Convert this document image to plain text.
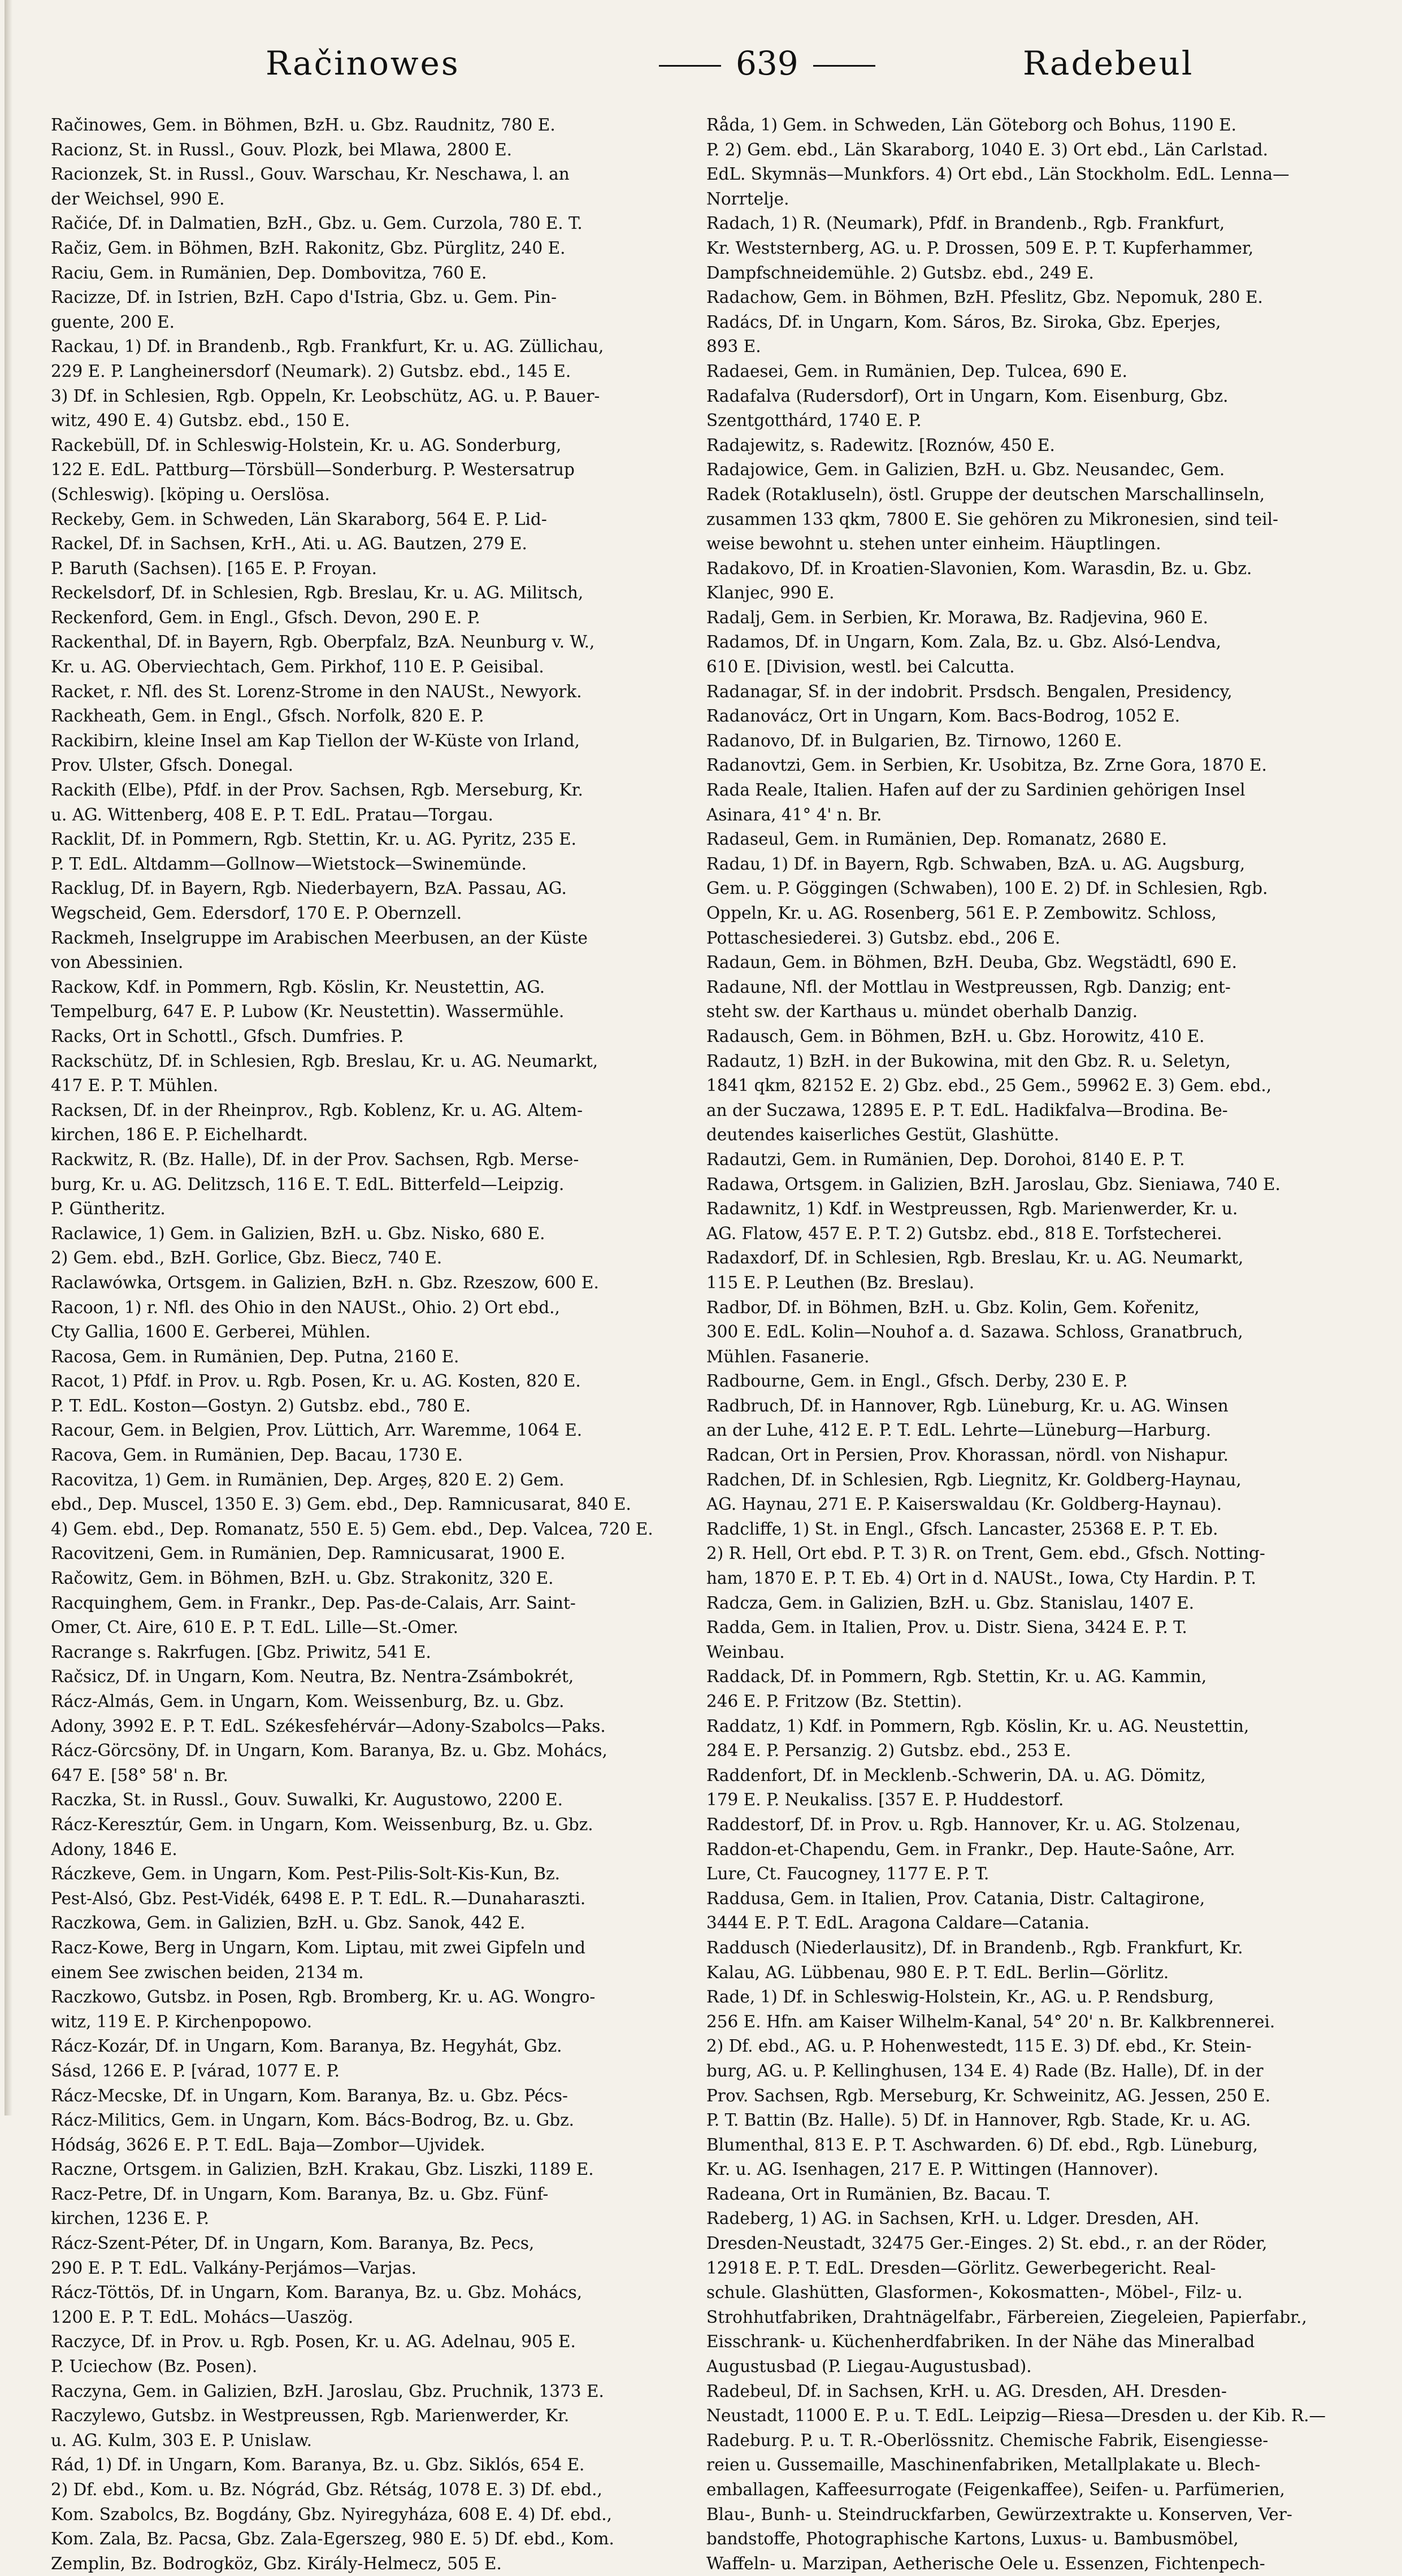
Račinowes	639	Radebeul
Račinowes, Gem. in Böhmen, BzH. u. Gbz. Raudnitz, 780 E.
Racionz, St. in Russl., Gouv. Plozk, bei Mlawa, 2800 E.
Racionzek, St. in Russl., Gouv. Warschau, Kr. Neschawa, l. an
der Weichsel, 990 E.
Račiće, Df. in Dalmatien, BzH., Gbz. u. Gem. Curzola, 780 E. T.
Račiz, Gem. in Böhmen, BzH. Rakonitz, Gbz. Pürglitz, 240 E.
Raciu, Gem. in Rumänien, Dep. Dombovitza, 760 E.
Racizze, Df. in Istrien, BzH. Capo d'Istria, Gbz. u. Gem. Pin-
guente, 200 E.
Rackau, 1) Df. in Brandenb., Rgb. Frankfurt, Kr. u. AG. Züllichau,
229 E. P. Langheinersdorf (Neumark). 2) Gutsbz. ebd., 145 E.
3) Df. in Schlesien, Rgb. Oppeln, Kr. Leobschütz, AG. u. P. Bauer-
witz, 490 E. 4) Gutsbz. ebd., 150 E.
Rackebüll, Df. in Schleswig-Holstein, Kr. u. AG. Sonderburg,
122 E. EdL. Pattburg—Törsbüll—Sonderburg. P. Westersatrup
(Schleswig). [köping u. Oerslösa.
Reckeby, Gem. in Schweden, Län Skaraborg, 564 E. P. Lid-
Rackel, Df. in Sachsen, KrH., Ati. u. AG. Bautzen, 279 E.
P. Baruth (Sachsen). [165 E. P. Froyan.
Reckelsdorf, Df. in Schlesien, Rgb. Breslau, Kr. u. AG. Militsch,
Reckenford, Gem. in Engl., Gfsch. Devon, 290 E. P.
Rackenthal, Df. in Bayern, Rgb. Oberpfalz, BzA. Neunburg v. W.,
Kr. u. AG. Oberviechtach, Gem. Pirkhof, 110 E. P. Geisibal.
Racket, r. Nfl. des St. Lorenz-Strome in den NAUSt., Newyork.
Rackheath, Gem. in Engl., Gfsch. Norfolk, 820 E. P.
Rackibirn, kleine Insel am Kap Tiellon der W-Küste von Irland,
Prov. Ulster, Gfsch. Donegal.
Rackith (Elbe), Pfdf. in der Prov. Sachsen, Rgb. Merseburg, Kr.
u. AG. Wittenberg, 408 E. P. T. EdL. Pratau—Torgau.
Racklit, Df. in Pommern, Rgb. Stettin, Kr. u. AG. Pyritz, 235 E.
P. T. EdL. Altdamm—Gollnow—Wietstock—Swinemünde.
Racklug, Df. in Bayern, Rgb. Niederbayern, BzA. Passau, AG.
Wegscheid, Gem. Edersdorf, 170 E. P. Obernzell.
Rackmeh, Inselgruppe im Arabischen Meerbusen, an der Küste
von Abessinien.
Rackow, Kdf. in Pommern, Rgb. Köslin, Kr. Neustettin, AG.
Tempelburg, 647 E. P. Lubow (Kr. Neustettin). Wassermühle.
Racks, Ort in Schottl., Gfsch. Dumfries. P.
Rackschütz, Df. in Schlesien, Rgb. Breslau, Kr. u. AG. Neumarkt,
417 E. P. T. Mühlen.
Racksen, Df. in der Rheinprov., Rgb. Koblenz, Kr. u. AG. Altem-
kirchen, 186 E. P. Eichelhardt.
Rackwitz, R. (Bz. Halle), Df. in der Prov. Sachsen, Rgb. Merse-
burg, Kr. u. AG. Delitzsch, 116 E. T. EdL. Bitterfeld—Leipzig.
P. Güntheritz.
Raclawice, 1) Gem. in Galizien, BzH. u. Gbz. Nisko, 680 E.
2) Gem. ebd., BzH. Gorlice, Gbz. Biecz, 740 E.
Raclawówka, Ortsgem. in Galizien, BzH. n. Gbz. Rzeszow, 600 E.
Racoon, 1) r. Nfl. des Ohio in den NAUSt., Ohio. 2) Ort ebd.,
Cty Gallia, 1600 E. Gerberei, Mühlen.
Racosa, Gem. in Rumänien, Dep. Putna, 2160 E.
Racot, 1) Pfdf. in Prov. u. Rgb. Posen, Kr. u. AG. Kosten, 820 E.
P. T. EdL. Koston—Gostyn. 2) Gutsbz. ebd., 780 E.
Racour, Gem. in Belgien, Prov. Lüttich, Arr. Waremme, 1064 E.
Racova, Gem. in Rumänien, Dep. Bacau, 1730 E.
Racovitza, 1) Gem. in Rumänien, Dep. Argeș, 820 E. 2) Gem.
ebd., Dep. Muscel, 1350 E. 3) Gem. ebd., Dep. Ramnicusarat, 840 E.
4) Gem. ebd., Dep. Romanatz, 550 E. 5) Gem. ebd., Dep. Valcea, 720 E.
Racovitzeni, Gem. in Rumänien, Dep. Ramnicusarat, 1900 E.
Račowitz, Gem. in Böhmen, BzH. u. Gbz. Strakonitz, 320 E.
Racquinghem, Gem. in Frankr., Dep. Pas-de-Calais, Arr. Saint-
Omer, Ct. Aire, 610 E. P. T. EdL. Lille—St.-Omer.
Racrange s. Rakrfugen. [Gbz. Priwitz, 541 E.
Račsicz, Df. in Ungarn, Kom. Neutra, Bz. Nentra-Zsámbokrét,
Rácz-Almás, Gem. in Ungarn, Kom. Weissenburg, Bz. u. Gbz.
Adony, 3992 E. P. T. EdL. Székesfehérvár—Adony-Szabolcs—Paks.
Rácz-Görcsöny, Df. in Ungarn, Kom. Baranya, Bz. u. Gbz. Mohács,
647 E. [58° 58' n. Br.
Raczka, St. in Russl., Gouv. Suwalki, Kr. Augustowo, 2200 E.
Rácz-Keresztúr, Gem. in Ungarn, Kom. Weissenburg, Bz. u. Gbz.
Adony, 1846 E.
Ráczkeve, Gem. in Ungarn, Kom. Pest-Pilis-Solt-Kis-Kun, Bz.
Pest-Alsó, Gbz. Pest-Vidék, 6498 E. P. T. EdL. R.—Dunaharaszti.
Raczkowa, Gem. in Galizien, BzH. u. Gbz. Sanok, 442 E.
Racz-Kowe, Berg in Ungarn, Kom. Liptau, mit zwei Gipfeln und
einem See zwischen beiden, 2134 m.
Raczkowo, Gutsbz. in Posen, Rgb. Bromberg, Kr. u. AG. Wongro-
witz, 119 E. P. Kirchenpopowo.
Rácz-Kozár, Df. in Ungarn, Kom. Baranya, Bz. Hegyhát, Gbz.
Sásd, 1266 E. P. [várad, 1077 E. P.
Rácz-Mecske, Df. in Ungarn, Kom. Baranya, Bz. u. Gbz. Pécs-
Rácz-Militics, Gem. in Ungarn, Kom. Bács-Bodrog, Bz. u. Gbz.
Hódság, 3626 E. P. T. EdL. Baja—Zombor—Ujvidek.
Raczne, Ortsgem. in Galizien, BzH. Krakau, Gbz. Liszki, 1189 E.
Racz-Petre, Df. in Ungarn, Kom. Baranya, Bz. u. Gbz. Fünf-
kirchen, 1236 E. P.
Rácz-Szent-Péter, Df. in Ungarn, Kom. Baranya, Bz. Pecs,
290 E. P. T. EdL. Valkány-Perjámos—Varjas.
Rácz-Töttös, Df. in Ungarn, Kom. Baranya, Bz. u. Gbz. Mohács,
1200 E. P. T. EdL. Mohács—Uaszög.
Raczyce, Df. in Prov. u. Rgb. Posen, Kr. u. AG. Adelnau, 905 E.
P. Uciechow (Bz. Posen).
Raczyna, Gem. in Galizien, BzH. Jaroslau, Gbz. Pruchnik, 1373 E.
Raczylewo, Gutsbz. in Westpreussen, Rgb. Marienwerder, Kr.
u. AG. Kulm, 303 E. P. Unislaw.
Rád, 1) Df. in Ungarn, Kom. Baranya, Bz. u. Gbz. Siklós, 654 E.
2) Df. ebd., Kom. u. Bz. Nógrád, Gbz. Rétság, 1078 E. 3) Df. ebd.,
Kom. Szabolcs, Bz. Bogdány, Gbz. Nyiregyháza, 608 E. 4) Df. ebd.,
Kom. Zala, Bz. Pacsa, Gbz. Zala-Egerszeg, 980 E. 5) Df. ebd., Kom.
Zemplin, Bz. Bodrogköz, Gbz. Király-Helmecz, 505 E.
Råda, 1) Gem. in Schweden, Län Göteborg och Bohus, 1190 E.
P. 2) Gem. ebd., Län Skaraborg, 1040 E. 3) Ort ebd., Län Carlstad.
EdL. Skymnäs—Munkfors. 4) Ort ebd., Län Stockholm. EdL. Lenna—
Norrtelje.
Radach, 1) R. (Neumark), Pfdf. in Brandenb., Rgb. Frankfurt,
Kr. Weststernberg, AG. u. P. Drossen, 509 E. P. T. Kupferhammer,
Dampfschneidemühle. 2) Gutsbz. ebd., 249 E.
Radachow, Gem. in Böhmen, BzH. Pfeslitz, Gbz. Nepomuk, 280 E.
Radács, Df. in Ungarn, Kom. Sáros, Bz. Siroka, Gbz. Eperjes,
893 E.
Radaesei, Gem. in Rumänien, Dep. Tulcea, 690 E.
Radafalva (Rudersdorf), Ort in Ungarn, Kom. Eisenburg, Gbz.
Szentgotthárd, 1740 E. P.
Radajewitz, s. Radewitz. [Roznów, 450 E.
Radajowice, Gem. in Galizien, BzH. u. Gbz. Neusandec, Gem.
Radek (Rotakluseln), östl. Gruppe der deutschen Marschallinseln,
zusammen 133 qkm, 7800 E. Sie gehören zu Mikronesien, sind teil-
weise bewohnt u. stehen unter einheim. Häuptlingen.
Radakovo, Df. in Kroatien-Slavonien, Kom. Warasdin, Bz. u. Gbz.
Klanjec, 990 E.
Radalj, Gem. in Serbien, Kr. Morawa, Bz. Radjevina, 960 E.
Radamos, Df. in Ungarn, Kom. Zala, Bz. u. Gbz. Alsó-Lendva,
610 E. [Division, westl. bei Calcutta.
Radanagar, Sf. in der indobrit. Prsdsch. Bengalen, Presidency,
Radanovácz, Ort in Ungarn, Kom. Bacs-Bodrog, 1052 E.
Radanovo, Df. in Bulgarien, Bz. Tirnowo, 1260 E.
Radanovtzi, Gem. in Serbien, Kr. Usobitza, Bz. Zrne Gora, 1870 E.
Rada Reale, Italien. Hafen auf der zu Sardinien gehörigen Insel
Asinara, 41° 4' n. Br.
Radaseul, Gem. in Rumänien, Dep. Romanatz, 2680 E.
Radau, 1) Df. in Bayern, Rgb. Schwaben, BzA. u. AG. Augsburg,
Gem. u. P. Göggingen (Schwaben), 100 E. 2) Df. in Schlesien, Rgb.
Oppeln, Kr. u. AG. Rosenberg, 561 E. P. Zembowitz. Schloss,
Pottaschesiederei. 3) Gutsbz. ebd., 206 E.
Radaun, Gem. in Böhmen, BzH. Deuba, Gbz. Wegstädtl, 690 E.
Radaune, Nfl. der Mottlau in Westpreussen, Rgb. Danzig; ent-
steht sw. der Karthaus u. mündet oberhalb Danzig.
Radausch, Gem. in Böhmen, BzH. u. Gbz. Horowitz, 410 E.
Radautz, 1) BzH. in der Bukowina, mit den Gbz. R. u. Seletyn,
1841 qkm, 82152 E. 2) Gbz. ebd., 25 Gem., 59962 E. 3) Gem. ebd.,
an der Suczawa, 12895 E. P. T. EdL. Hadikfalva—Brodina. Be-
deutendes kaiserliches Gestüt, Glashütte.
Radautzi, Gem. in Rumänien, Dep. Dorohoi, 8140 E. P. T.
Radawa, Ortsgem. in Galizien, BzH. Jaroslau, Gbz. Sieniawa, 740 E.
Radawnitz, 1) Kdf. in Westpreussen, Rgb. Marienwerder, Kr. u.
AG. Flatow, 457 E. P. T. 2) Gutsbz. ebd., 818 E. Torfstecherei.
Radaxdorf, Df. in Schlesien, Rgb. Breslau, Kr. u. AG. Neumarkt,
115 E. P. Leuthen (Bz. Breslau).
Radbor, Df. in Böhmen, BzH. u. Gbz. Kolin, Gem. Kořenitz,
300 E. EdL. Kolin—Nouhof a. d. Sazawa. Schloss, Granatbruch,
Mühlen. Fasanerie.
Radbourne, Gem. in Engl., Gfsch. Derby, 230 E. P.
Radbruch, Df. in Hannover, Rgb. Lüneburg, Kr. u. AG. Winsen
an der Luhe, 412 E. P. T. EdL. Lehrte—Lüneburg—Harburg.
Radcan, Ort in Persien, Prov. Khorassan, nördl. von Nishapur.
Radchen, Df. in Schlesien, Rgb. Liegnitz, Kr. Goldberg-Haynau,
AG. Haynau, 271 E. P. Kaiserswaldau (Kr. Goldberg-Haynau).
Radcliffe, 1) St. in Engl., Gfsch. Lancaster, 25368 E. P. T. Eb.
2) R. Hell, Ort ebd. P. T. 3) R. on Trent, Gem. ebd., Gfsch. Notting-
ham, 1870 E. P. T. Eb. 4) Ort in d. NAUSt., Iowa, Cty Hardin. P. T.
Radcza, Gem. in Galizien, BzH. u. Gbz. Stanislau, 1407 E.
Radda, Gem. in Italien, Prov. u. Distr. Siena, 3424 E. P. T.
Weinbau.
Raddack, Df. in Pommern, Rgb. Stettin, Kr. u. AG. Kammin,
246 E. P. Fritzow (Bz. Stettin).
Raddatz, 1) Kdf. in Pommern, Rgb. Köslin, Kr. u. AG. Neustettin,
284 E. P. Persanzig. 2) Gutsbz. ebd., 253 E.
Raddenfort, Df. in Mecklenb.-Schwerin, DA. u. AG. Dömitz,
179 E. P. Neukaliss. [357 E. P. Huddestorf.
Raddestorf, Df. in Prov. u. Rgb. Hannover, Kr. u. AG. Stolzenau,
Raddon-et-Chapendu, Gem. in Frankr., Dep. Haute-Saône, Arr.
Lure, Ct. Faucogney, 1177 E. P. T.
Raddusa, Gem. in Italien, Prov. Catania, Distr. Caltagirone,
3444 E. P. T. EdL. Aragona Caldare—Catania.
Raddusch (Niederlausitz), Df. in Brandenb., Rgb. Frankfurt, Kr.
Kalau, AG. Lübbenau, 980 E. P. T. EdL. Berlin—Görlitz.
Rade, 1) Df. in Schleswig-Holstein, Kr., AG. u. P. Rendsburg,
256 E. Hfn. am Kaiser Wilhelm-Kanal, 54° 20' n. Br. Kalkbrennerei.
2) Df. ebd., AG. u. P. Hohenwestedt, 115 E. 3) Df. ebd., Kr. Stein-
burg, AG. u. P. Kellinghusen, 134 E. 4) Rade (Bz. Halle), Df. in der
Prov. Sachsen, Rgb. Merseburg, Kr. Schweinitz, AG. Jessen, 250 E.
P. T. Battin (Bz. Halle). 5) Df. in Hannover, Rgb. Stade, Kr. u. AG.
Blumenthal, 813 E. P. T. Aschwarden. 6) Df. ebd., Rgb. Lüneburg,
Kr. u. AG. Isenhagen, 217 E. P. Wittingen (Hannover).
Radeana, Ort in Rumänien, Bz. Bacau. T.
Radeberg, 1) AG. in Sachsen, KrH. u. Ldger. Dresden, AH.
Dresden-Neustadt, 32475 Ger.-Einges. 2) St. ebd., r. an der Röder,
12918 E. P. T. EdL. Dresden—Görlitz. Gewerbegericht. Real-
schule. Glashütten, Glasformen-, Kokosmatten-, Möbel-, Filz- u.
Strohhutfabriken, Drahtnägelfabr., Färbereien, Ziegeleien, Papierfabr.,
Eisschrank- u. Küchenherdfabriken. In der Nähe das Mineralbad
Augustusbad (P. Liegau-Augustusbad).
Radebeul, Df. in Sachsen, KrH. u. AG. Dresden, AH. Dresden-
Neustadt, 11000 E. P. u. T. EdL. Leipzig—Riesa—Dresden u. der Kib. R.—
Radeburg. P. u. T. R.-Oberlössnitz. Chemische Fabrik, Eisengiesse-
reien u. Gussemaille, Maschinenfabriken, Metallplakate u. Blech-
emballagen, Kaffeesurrogate (Feigenkaffee), Seifen- u. Parfümerien,
Blau-, Bunh- u. Steindruckfarben, Gewürzextrakte u. Konserven, Ver-
bandstoffe, Photographische Kartons, Luxus- u. Bambusmöbel,
Waffeln- u. Marzipan, Aetherische Oele u. Essenzen, Fichtenpech-
